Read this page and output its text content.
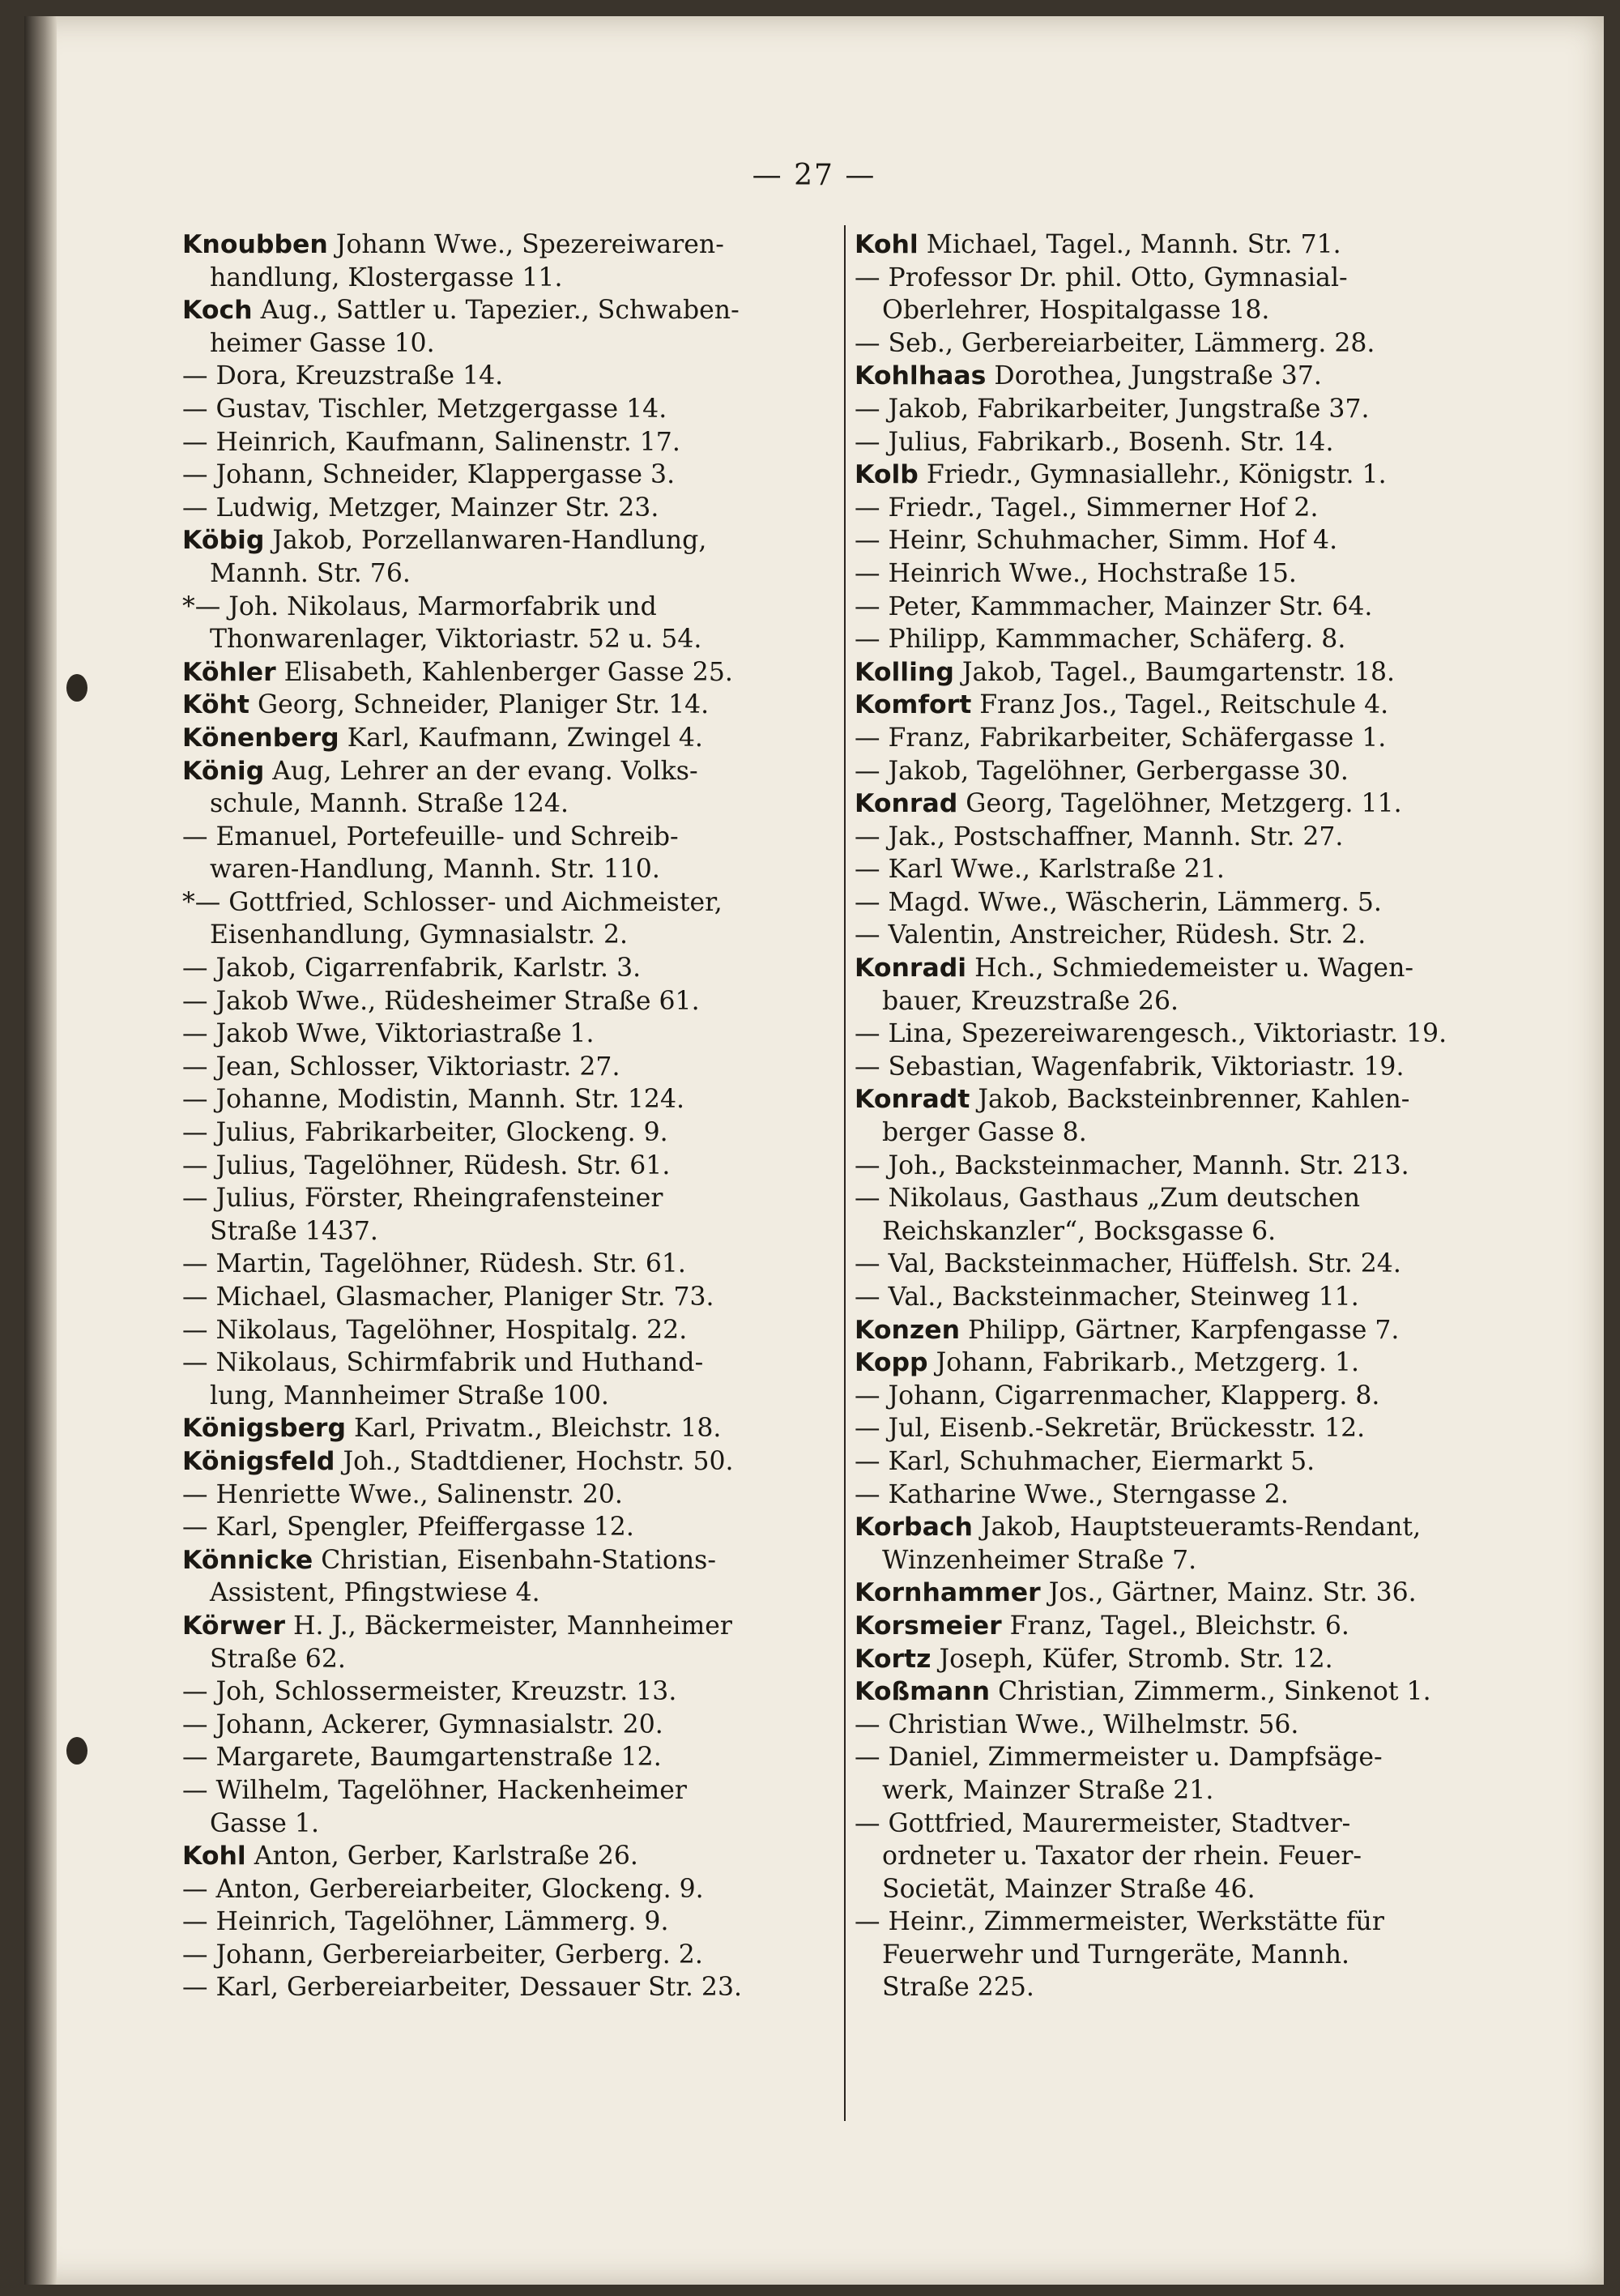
— 27 —
Knoubben Johann Wwe., Spezereiwaren-
handlung, Klostergasse 11.
Koch Aug., Sattler u. Tapezier., Schwaben-
heimer Gasse 10.
— Dora, Kreuzstraße 14.
— Gustav, Tischler, Metzgergasse 14.
— Heinrich, Kaufmann, Salinenstr. 17.
— Johann, Schneider, Klappergasse 3.
— Ludwig, Metzger, Mainzer Str. 23.
Köbig Jakob, Porzellanwaren-Handlung,
Mannh. Str. 76.
*— Joh. Nikolaus, Marmorfabrik und
Thonwarenlager, Viktoriastr. 52 u. 54.
Köhler Elisabeth, Kahlenberger Gasse 25.
Köht Georg, Schneider, Planiger Str. 14.
Könenberg Karl, Kaufmann, Zwingel 4.
König Aug, Lehrer an der evang. Volks-
schule, Mannh. Straße 124.
— Emanuel, Portefeuille- und Schreib-
waren-Handlung, Mannh. Str. 110.
*— Gottfried, Schlosser- und Aichmeister,
Eisenhandlung, Gymnasialstr. 2.
— Jakob, Cigarrenfabrik, Karlstr. 3.
— Jakob Wwe., Rüdesheimer Straße 61.
— Jakob Wwe, Viktoriastraße 1.
— Jean, Schlosser, Viktoriastr. 27.
— Johanne, Modistin, Mannh. Str. 124.
— Julius, Fabrikarbeiter, Glockeng. 9.
— Julius, Tagelöhner, Rüdesh. Str. 61.
— Julius, Förster, Rheingrafensteiner
Straße 1437.
— Martin, Tagelöhner, Rüdesh. Str. 61.
— Michael, Glasmacher, Planiger Str. 73.
— Nikolaus, Tagelöhner, Hospitalg. 22.
— Nikolaus, Schirmfabrik und Huthand-
lung, Mannheimer Straße 100.
Königsberg Karl, Privatm., Bleichstr. 18.
Königsfeld Joh., Stadtdiener, Hochstr. 50.
— Henriette Wwe., Salinenstr. 20.
— Karl, Spengler, Pfeiffergasse 12.
Könnicke Christian, Eisenbahn-Stations-
Assistent, Pfingstwiese 4.
Körwer H. J., Bäckermeister, Mannheimer
Straße 62.
— Joh, Schlossermeister, Kreuzstr. 13.
— Johann, Ackerer, Gymnasialstr. 20.
— Margarete, Baumgartenstraße 12.
— Wilhelm, Tagelöhner, Hackenheimer
Gasse 1.
Kohl Anton, Gerber, Karlstraße 26.
— Anton, Gerbereiarbeiter, Glockeng. 9.
— Heinrich, Tagelöhner, Lämmerg. 9.
— Johann, Gerbereiarbeiter, Gerberg. 2.
— Karl, Gerbereiarbeiter, Dessauer Str. 23.
Kohl Michael, Tagel., Mannh. Str. 71.
— Professor Dr. phil. Otto, Gymnasial-
Oberlehrer, Hospitalgasse 18.
— Seb., Gerbereiarbeiter, Lämmerg. 28.
Kohlhaas Dorothea, Jungstraße 37.
— Jakob, Fabrikarbeiter, Jungstraße 37.
— Julius, Fabrikarb., Bosenh. Str. 14.
Kolb Friedr., Gymnasiallehr., Königstr. 1.
— Friedr., Tagel., Simmerner Hof 2.
— Heinr, Schuhmacher, Simm. Hof 4.
— Heinrich Wwe., Hochstraße 15.
— Peter, Kammmacher, Mainzer Str. 64.
— Philipp, Kammmacher, Schäferg. 8.
Kolling Jakob, Tagel., Baumgartenstr. 18.
Komfort Franz Jos., Tagel., Reitschule 4.
— Franz, Fabrikarbeiter, Schäfergasse 1.
— Jakob, Tagelöhner, Gerbergasse 30.
Konrad Georg, Tagelöhner, Metzgerg. 11.
— Jak., Postschaffner, Mannh. Str. 27.
— Karl Wwe., Karlstraße 21.
— Magd. Wwe., Wäscherin, Lämmerg. 5.
— Valentin, Anstreicher, Rüdesh. Str. 2.
Konradi Hch., Schmiedemeister u. Wagen-
bauer, Kreuzstraße 26.
— Lina, Spezereiwarengesch., Viktoriastr. 19.
— Sebastian, Wagenfabrik, Viktoriastr. 19.
Konradt Jakob, Backsteinbrenner, Kahlen-
berger Gasse 8.
— Joh., Backsteinmacher, Mannh. Str. 213.
— Nikolaus, Gasthaus „Zum deutschen
Reichskanzler“, Bocksgasse 6.
— Val, Backsteinmacher, Hüffelsh. Str. 24.
— Val., Backsteinmacher, Steinweg 11.
Konzen Philipp, Gärtner, Karpfengasse 7.
Kopp Johann, Fabrikarb., Metzgerg. 1.
— Johann, Cigarrenmacher, Klapperg. 8.
— Jul, Eisenb.-Sekretär, Brückesstr. 12.
— Karl, Schuhmacher, Eiermarkt 5.
— Katharine Wwe., Sterngasse 2.
Korbach Jakob, Hauptsteueramts-Rendant,
Winzenheimer Straße 7.
Kornhammer Jos., Gärtner, Mainz. Str. 36.
Korsmeier Franz, Tagel., Bleichstr. 6.
Kortz Joseph, Küfer, Stromb. Str. 12.
Koßmann Christian, Zimmerm., Sinkenot 1.
— Christian Wwe., Wilhelmstr. 56.
— Daniel, Zimmermeister u. Dampfsäge-
werk, Mainzer Straße 21.
— Gottfried, Maurermeister, Stadtver-
ordneter u. Taxator der rhein. Feuer-
Societät, Mainzer Straße 46.
— Heinr., Zimmermeister, Werkstätte für
Feuerwehr und Turngeräte, Mannh.
Straße 225.
